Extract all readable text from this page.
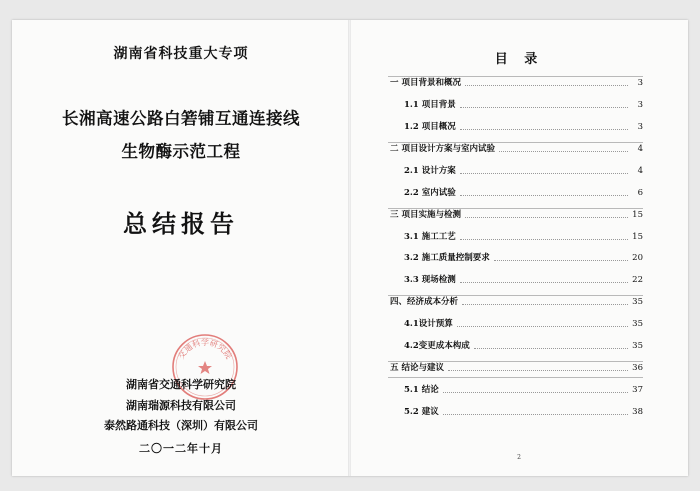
湖南省科技重大专项
长湘高速公路白箬铺互通连接线
生物酶示范工程
总结报告
交通科学研究院
湖南省交通科学研究院
湖南瑞源科技有限公司
泰然路通科技（深圳）有限公司
二〇一二年十月
目 录
一 项目背景和概况	3
1.1 项目背景	3
1.2 项目概况	3
二 项目设计方案与室内试验	4
2.1 设计方案	4
2.2 室内试验	6
三 项目实施与检测	15
3.1 施工工艺	15
3.2 施工质量控制要求	20
3.3 现场检测	22
四、经济成本分析	35
4.1设计预算	35
4.2变更成本构成	35
五 结论与建议	36
5.1 结论	37
5.2 建议	38
2
